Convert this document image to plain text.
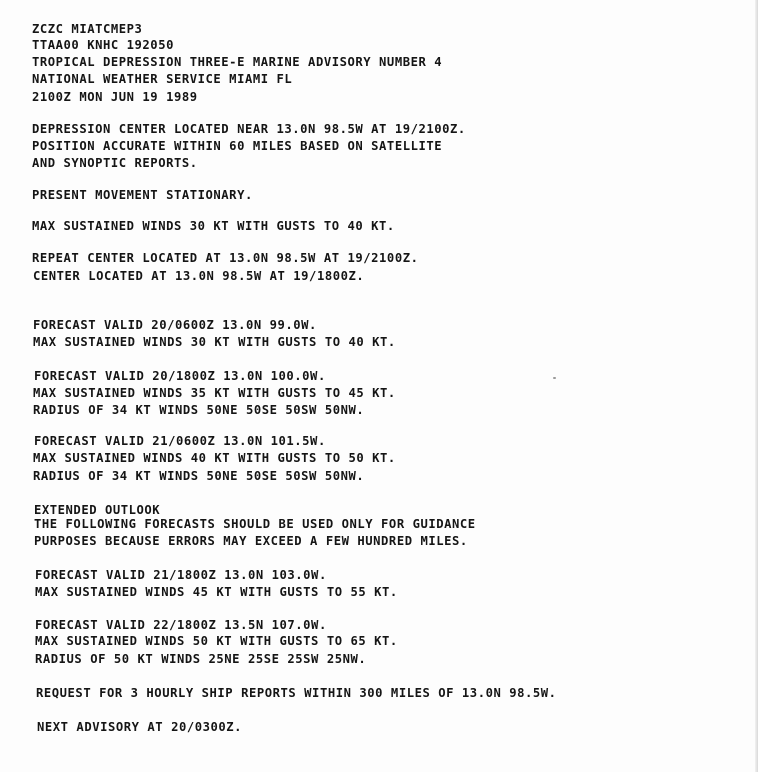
ZCZC MIATCMEP3
TTAA00 KNHC 192050
TROPICAL DEPRESSION THREE-E MARINE ADVISORY NUMBER 4
NATIONAL WEATHER SERVICE MIAMI FL
2100Z MON JUN 19 1989
DEPRESSION CENTER LOCATED NEAR 13.0N 98.5W AT 19/2100Z.
POSITION ACCURATE WITHIN 60 MILES BASED ON SATELLITE
AND SYNOPTIC REPORTS.
PRESENT MOVEMENT STATIONARY.
MAX SUSTAINED WINDS 30 KT WITH GUSTS TO 40 KT.
REPEAT CENTER LOCATED AT 13.0N 98.5W AT 19/2100Z.
CENTER LOCATED AT 13.0N 98.5W AT 19/1800Z.
FORECAST VALID 20/0600Z 13.0N 99.0W.
MAX SUSTAINED WINDS 30 KT WITH GUSTS TO 40 KT.
FORECAST VALID 20/1800Z 13.0N 100.0W.
MAX SUSTAINED WINDS 35 KT WITH GUSTS TO 45 KT.
RADIUS OF 34 KT WINDS 50NE 50SE 50SW 50NW.
FORECAST VALID 21/0600Z 13.0N 101.5W.
MAX SUSTAINED WINDS 40 KT WITH GUSTS TO 50 KT.
RADIUS OF 34 KT WINDS 50NE 50SE 50SW 50NW.
EXTENDED OUTLOOK
THE FOLLOWING FORECASTS SHOULD BE USED ONLY FOR GUIDANCE
PURPOSES BECAUSE ERRORS MAY EXCEED A FEW HUNDRED MILES.
FORECAST VALID 21/1800Z 13.0N 103.0W.
MAX SUSTAINED WINDS 45 KT WITH GUSTS TO 55 KT.
FORECAST VALID 22/1800Z 13.5N 107.0W.
MAX SUSTAINED WINDS 50 KT WITH GUSTS TO 65 KT.
RADIUS OF 50 KT WINDS 25NE 25SE 25SW 25NW.
REQUEST FOR 3 HOURLY SHIP REPORTS WITHIN 300 MILES OF 13.0N 98.5W.
NEXT ADVISORY AT 20/0300Z.
